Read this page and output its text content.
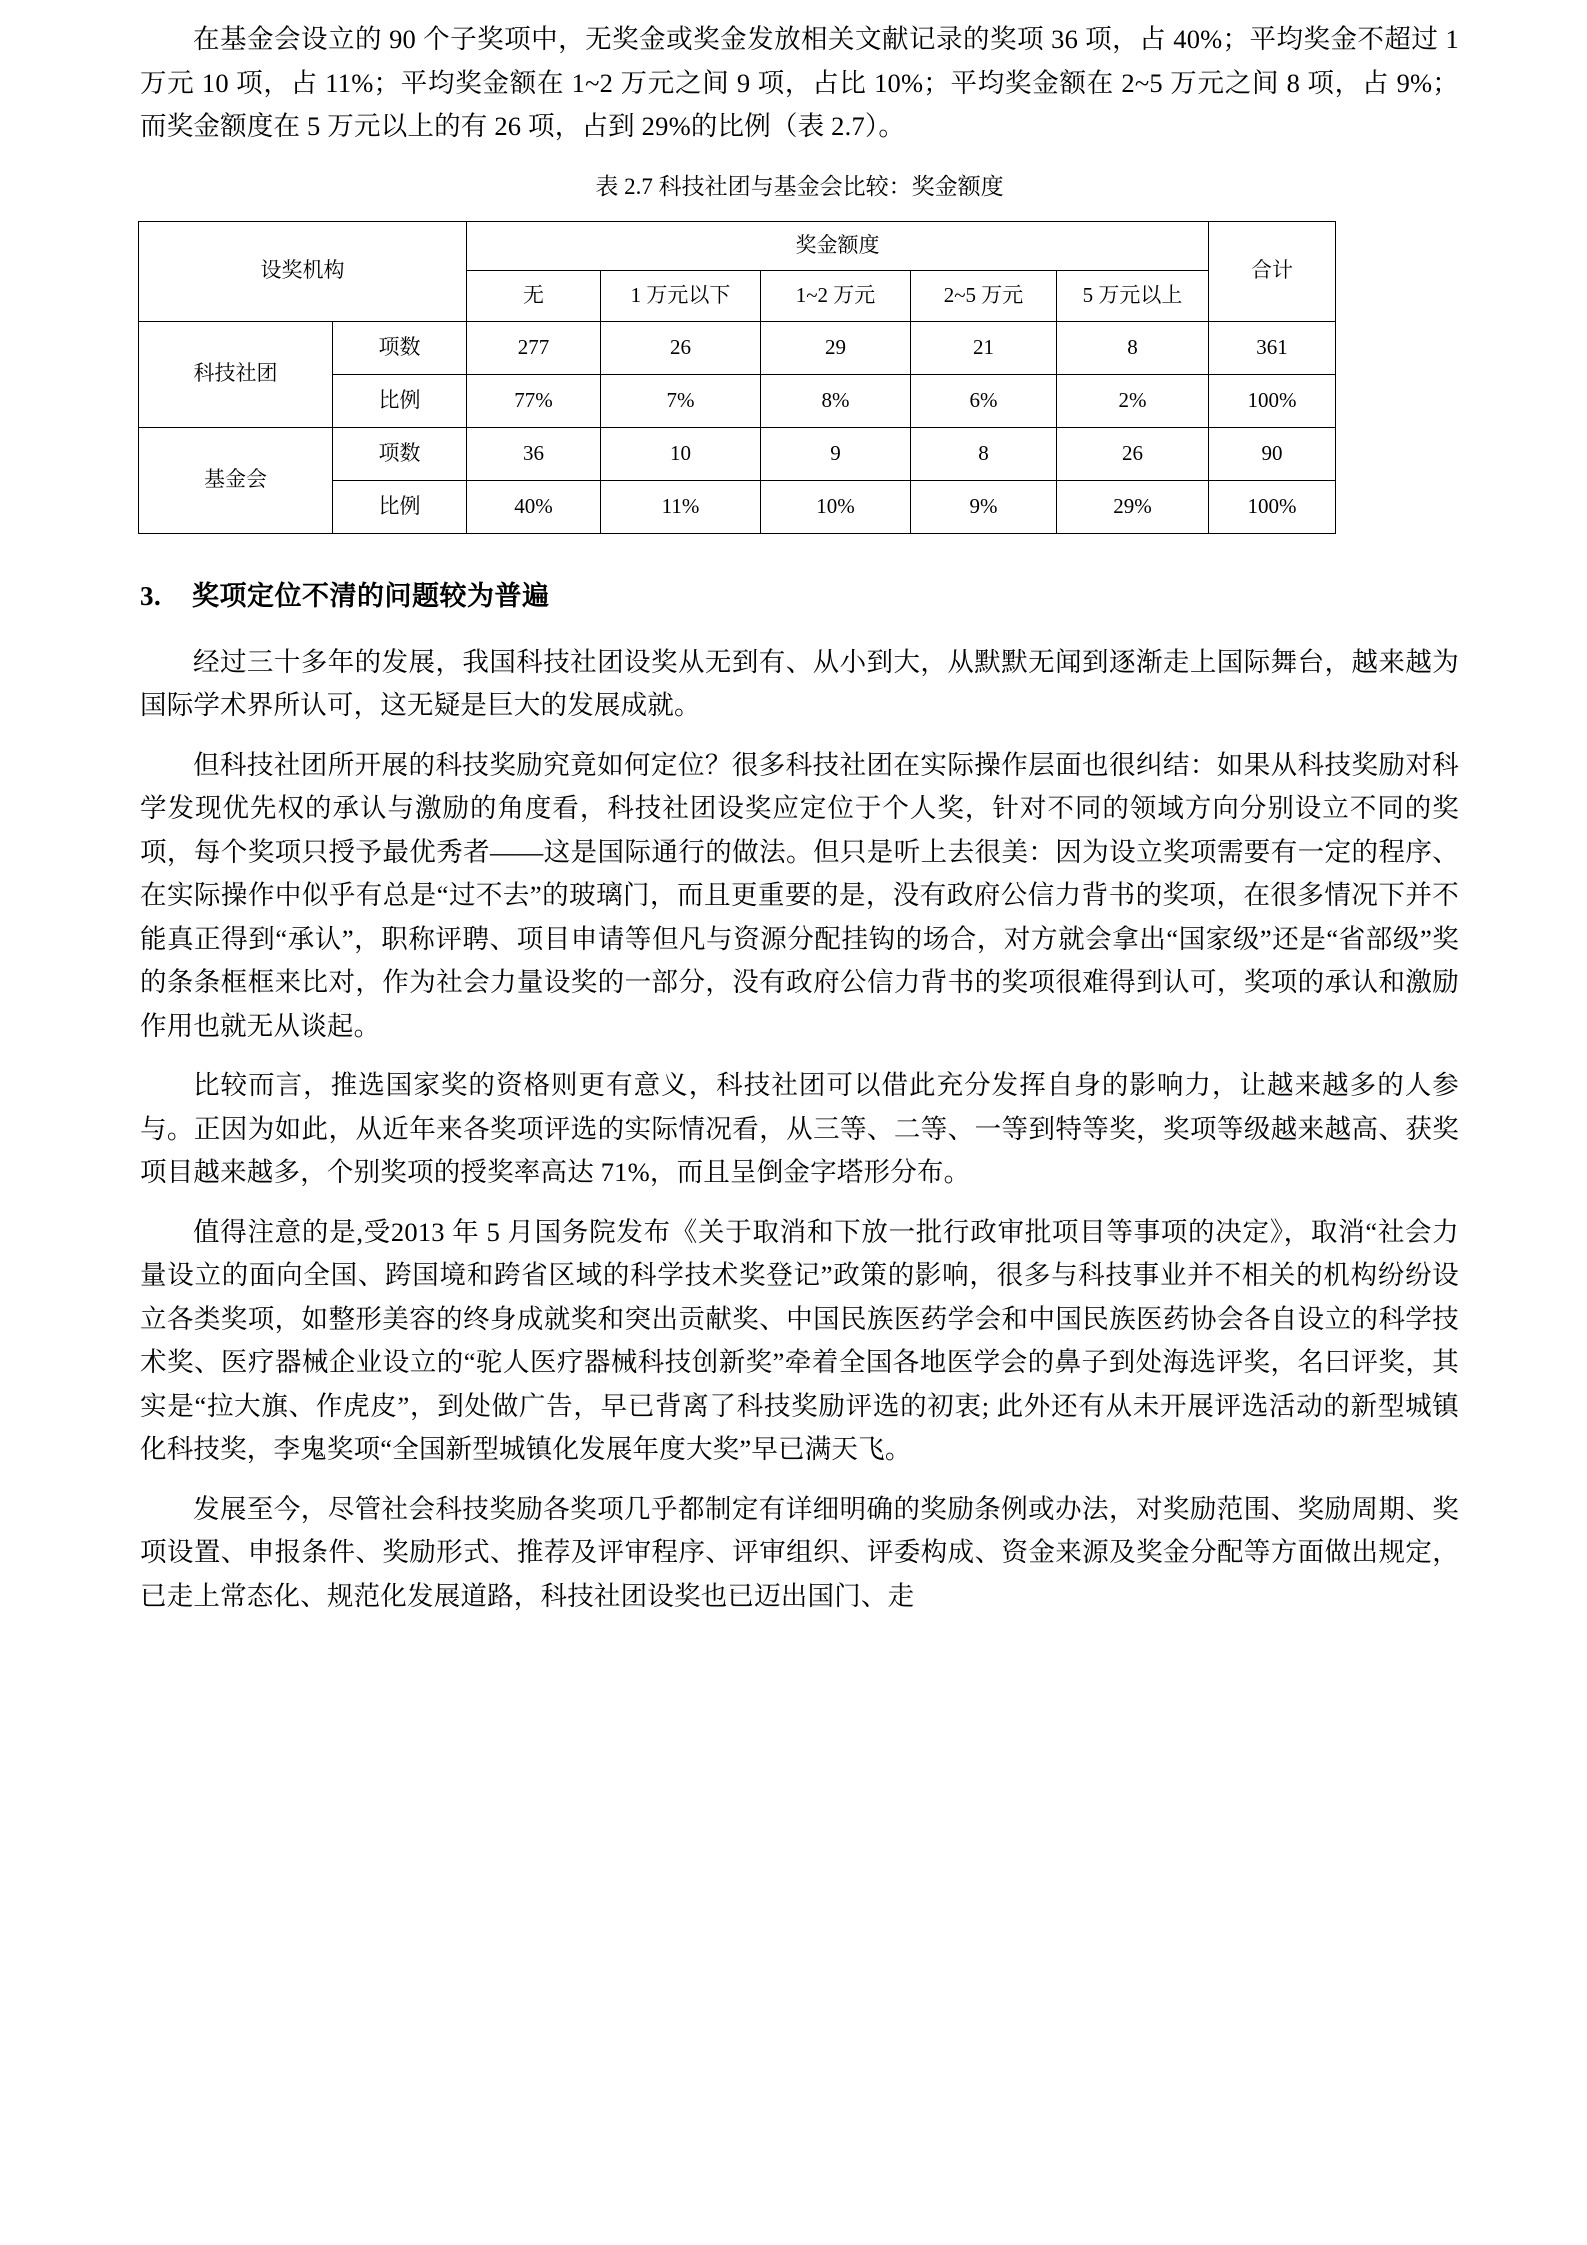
在基金会设立的 90 个子奖项中，无奖金或奖金发放相关文献记录的奖项 36 项，占 40%；平均奖金不超过 1 万元 10 项，占 11%；平均奖金额在 1~2 万元之间 9 项，占比 10%；平均奖金额在 2~5 万元之间 8 项，占 9%；而奖金额度在 5 万元以上的有 26 项，占到 29%的比例（表 2.7）。

表 2.7 科技社团与基金会比较：奖金额度
设奖机构		奖金额度					合计
		无	1 万元以下	1~2 万元	2~5 万元	5 万元以上	
科技社团	项数	277	26	29	21	8	361
	比例	77%	7%	8%	6%	2%	100%
基金会	项数	36	10	9	8	26	90
	比例	40%	11%	10%	9%	29%	100%
3. 奖项定位不清的问题较为普遍

经过三十多年的发展，我国科技社团设奖从无到有、从小到大，从默默无闻到逐渐走上国际舞台，越来越为国际学术界所认可，这无疑是巨大的发展成就。

但科技社团所开展的科技奖励究竟如何定位？很多科技社团在实际操作层面也很纠结：如果从科技奖励对科学发现优先权的承认与激励的角度看，科技社团设奖应定位于个人奖，针对不同的领域方向分别设立不同的奖项，每个奖项只授予最优秀者——这是国际通行的做法。但只是听上去很美：因为设立奖项需要有一定的程序、在实际操作中似乎有总是“过不去”的玻璃门，而且更重要的是，没有政府公信力背书的奖项，在很多情况下并不能真正得到“承认”，职称评聘、项目申请等但凡与资源分配挂钩的场合，对方就会拿出“国家级”还是“省部级”奖的条条框框来比对，作为社会力量设奖的一部分，没有政府公信力背书的奖项很难得到认可，奖项的承认和激励作用也就无从谈起。

比较而言，推选国家奖的资格则更有意义，科技社团可以借此充分发挥自身的影响力，让越来越多的人参与。正因为如此，从近年来各奖项评选的实际情况看，从三等、二等、一等到特等奖，奖项等级越来越高、获奖项目越来越多，个别奖项的授奖率高达 71%，而且呈倒金字塔形分布。

值得注意的是,受2013 年 5 月国务院发布《关于取消和下放一批行政审批项目等事项的决定》，取消“社会力量设立的面向全国、跨国境和跨省区域的科学技术奖登记”政策的影响，很多与科技事业并不相关的机构纷纷设立各类奖项，如整形美容的终身成就奖和突出贡献奖、中国民族医药学会和中国民族医药协会各自设立的科学技术奖、医疗器械企业设立的“驼人医疗器械科技创新奖”牵着全国各地医学会的鼻子到处海选评奖，名曰评奖，其实是“拉大旗、作虎皮”，到处做广告，早已背离了科技奖励评选的初衷; 此外还有从未开展评选活动的新型城镇化科技奖，李鬼奖项“全国新型城镇化发展年度大奖”早已满天飞。

发展至今，尽管社会科技奖励各奖项几乎都制定有详细明确的奖励条例或办法，对奖励范围、奖励周期、奖项设置、申报条件、奖励形式、推荐及评审程序、评审组织、评委构成、资金来源及奖金分配等方面做出规定，已走上常态化、规范化发展道路，科技社团设奖也已迈出国门、走
